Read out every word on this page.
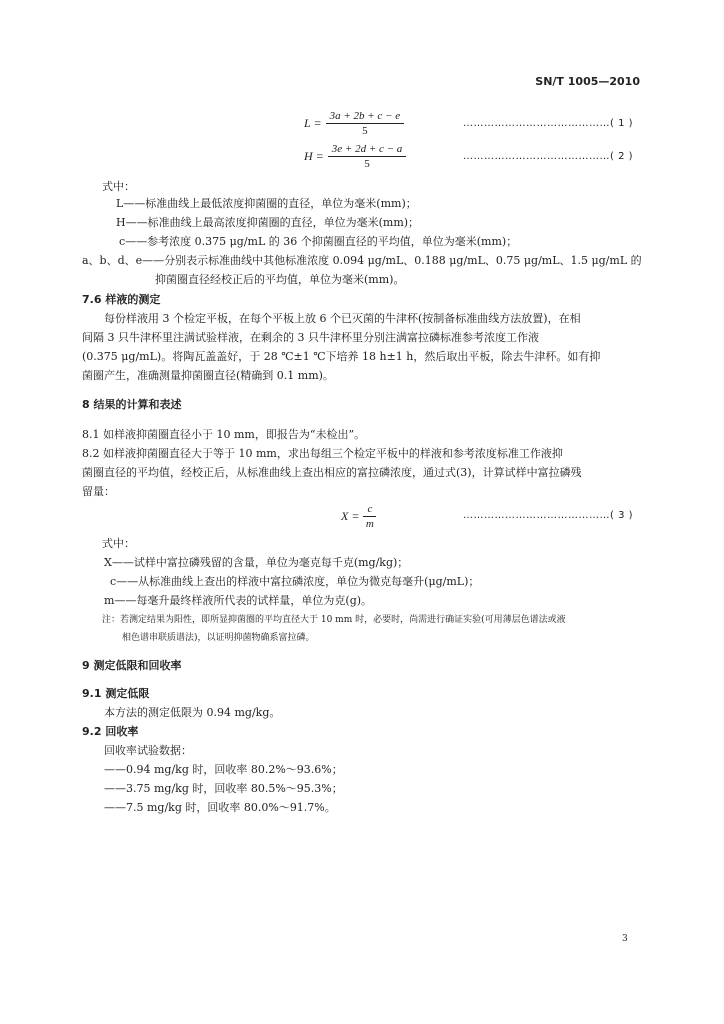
SN/T 1005—2010
$L = \frac{3a + 2b + c - e}{5}$	……………………………………( 1 )
$H = \frac{3e + 2d + c - a}{5}$	……………………………………( 2 )
式中：
L——标准曲线上最低浓度抑菌圈的直径，单位为毫米(mm)；
H——标准曲线上最高浓度抑菌圈的直径，单位为毫米(mm)；
c——参考浓度 0.375 μg/mL 的 36 个抑菌圈直径的平均值，单位为毫米(mm)；
a、b、d、e——分别表示标准曲线中其他标准浓度 0.094 μg/mL、0.188 μg/mL、0.75 μg/mL、1.5 μg/mL 的
抑菌圈直径经校正后的平均值，单位为毫米(mm)。
7.6 样液的测定
每份样液用 3 个检定平板，在每个平板上放 6 个已灭菌的牛津杯(按制备标准曲线方法放置)，在相
间隔 3 只牛津杯里注满试验样液，在剩余的 3 只牛津杯里分别注满富拉磷标准参考浓度工作液
(0.375 μg/mL)。将陶瓦盖盖好，于 28 ℃±1 ℃下培养 18 h±1 h，然后取出平板，除去牛津杯。如有抑
菌圈产生，准确测量抑菌圈直径(精确到 0.1 mm)。
8 结果的计算和表述
8.1 如样液抑菌圈直径小于 10 mm，即报告为“未检出”。
8.2 如样液抑菌圈直径大于等于 10 mm，求出每组三个检定平板中的样液和参考浓度标准工作液抑
菌圈直径的平均值，经校正后，从标准曲线上查出相应的富拉磷浓度，通过式(3)，计算试样中富拉磷残
留量：
$X = \frac{c}{m}$	……………………………………( 3 )
式中：
X——试样中富拉磷残留的含量，单位为毫克每千克(mg/kg)；
c——从标准曲线上查出的样液中富拉磷浓度，单位为微克每毫升(μg/mL)；
m——每毫升最终样液所代表的试样量，单位为克(g)。
注：若测定结果为阳性，即所显抑菌圈的平均直径大于 10 mm 时，必要时，尚需进行确证实验(可用薄层色谱法或液
相色谱串联质谱法)，以证明抑菌物确系富拉磷。
9 测定低限和回收率
9.1 测定低限
本方法的测定低限为 0.94 mg/kg。
9.2 回收率
回收率试验数据：
——0.94 mg/kg 时，回收率 80.2%～93.6%；
——3.75 mg/kg 时，回收率 80.5%～95.3%；
——7.5 mg/kg 时，回收率 80.0%～91.7%。
3
